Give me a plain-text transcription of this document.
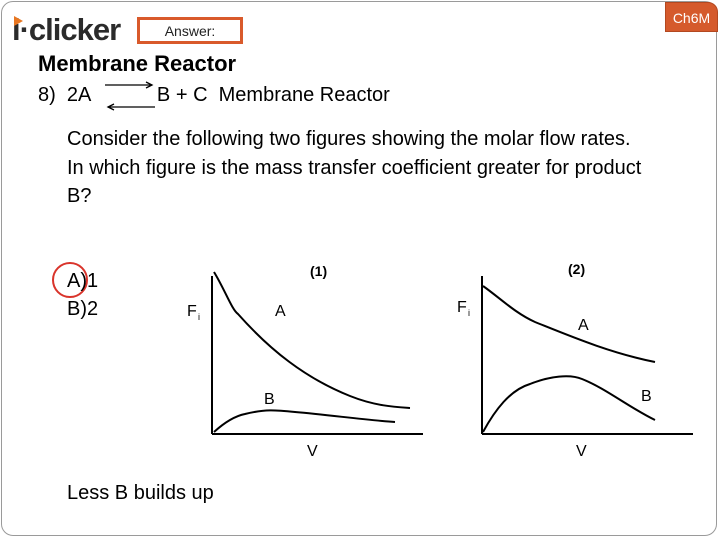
i·clicker	Answer:
Ch6M
Membrane Reactor
8)  2A            B + C  Membrane Reactor

Consider the following two figures showing the molar flow rates.

In which figure is the mass transfer coefficient greater for product B?

A)1
B)2
(1)
F i
V
A
B
(2)
F i
V
A
B
Less B builds up
